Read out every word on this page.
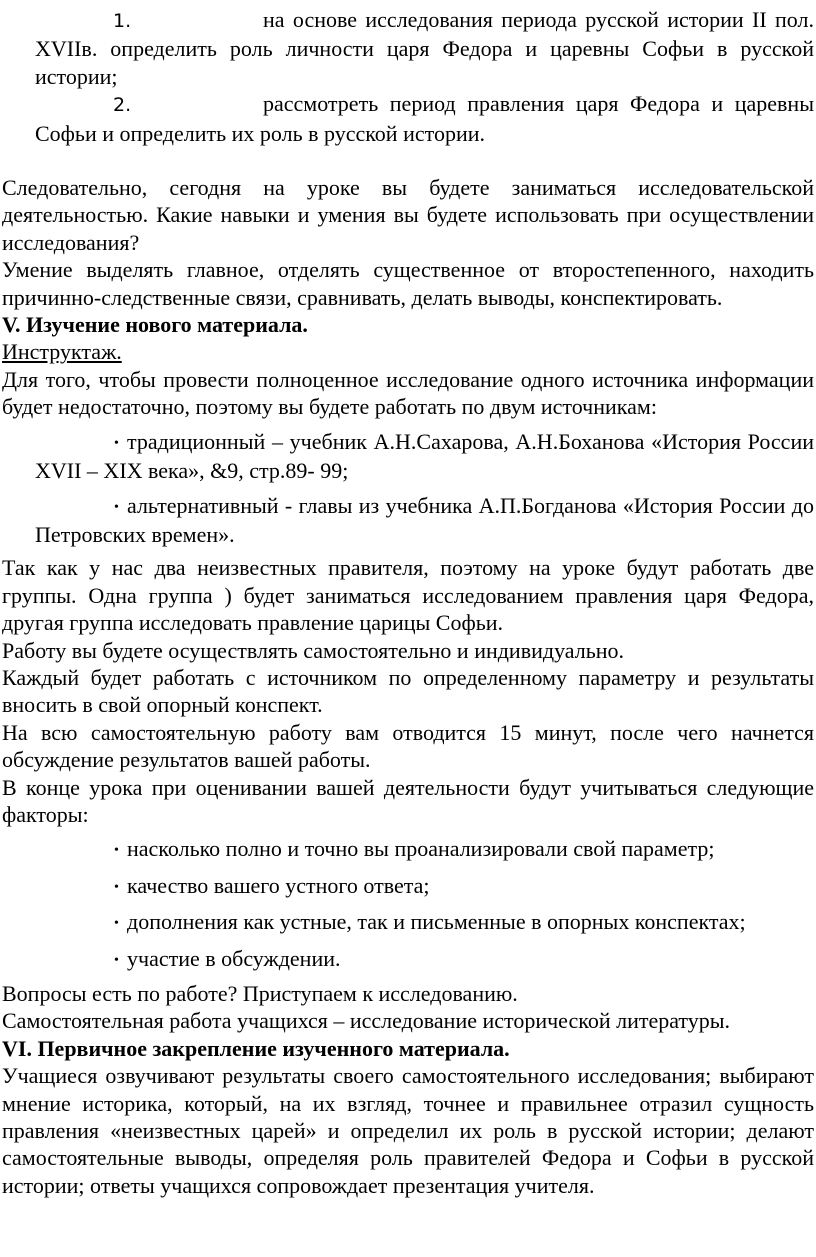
1.	на основе исследования периода русской истории II пол. XVIIв. определить роль личности царя Федора и царевны Софьи в русской истории;
2.	рассмотреть период правления царя Федора и царевны Софьи и определить их роль в русской истории.

Следовательно, сегодня на уроке вы будете заниматься исследовательской деятельностью. Какие навыки и умения вы будете использовать при осуществлении исследования?

Умение выделять главное, отделять существенное от второстепенного, находить причинно-следственные связи, сравнивать, делать выводы, конспектировать.

V. Изучение нового материала.

Инструктаж.

Для того, чтобы провести полноценное исследование одного источника информации будет недостаточно, поэтому вы будете работать по двум источникам:

• традиционный – учебник А.Н.Сахарова, А.Н.Боханова «История России XVII – XIX века», &9, стр.89- 99;
• альтернативный - главы из учебника А.П.Богданова «История России до Петровских времен».

Так как у нас два неизвестных правителя, поэтому на уроке будут работать две группы. Одна группа ) будет заниматься исследованием правления царя Федора, другая группа исследовать правление царицы Софьи.

Работу вы будете осуществлять самостоятельно и индивидуально.

Каждый будет работать с источником по определенному параметру и результаты вносить в свой опорный конспект.

На всю самостоятельную работу вам отводится 15 минут, после чего начнется обсуждение результатов вашей работы.

В конце урока при оценивании вашей деятельности будут учитываться следующие факторы:

• насколько полно и точно вы проанализировали свой параметр;
• качество вашего устного ответа;
• дополнения как устные, так и письменные в опорных конспектах;
• участие в обсуждении.

Вопросы есть по работе? Приступаем к исследованию.

Самостоятельная работа учащихся – исследование исторической литературы.

VI. Первичное закрепление изученного материала.

Учащиеся озвучивают результаты своего самостоятельного исследования; выбирают мнение историка, который, на их взгляд, точнее и правильнее отразил сущность правления «неизвестных царей» и определил их роль в русской истории; делают самостоятельные выводы, определяя роль правителей Федора и Софьи в русской истории; ответы учащихся сопровождает презентация учителя.
